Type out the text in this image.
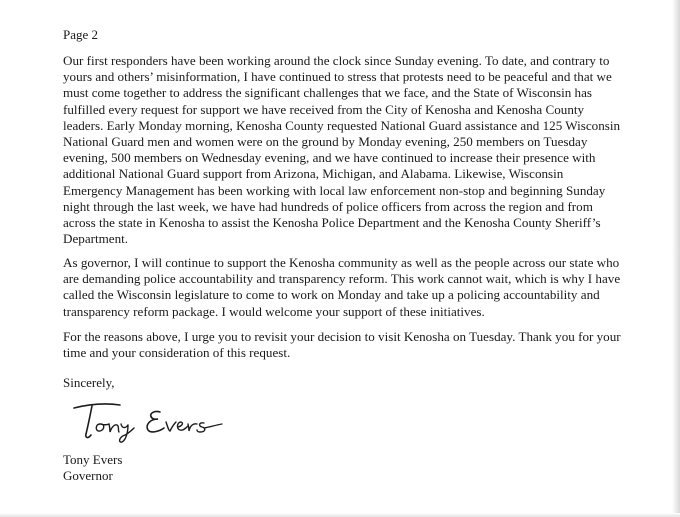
Page 2

Our first responders have been working around the clock since Sunday evening. To date, and contrary to yours and others’ misinformation, I have continued to stress that protests need to be peaceful and that we must come together to address the significant challenges that we face, and the State of Wisconsin has fulfilled every request for support we have received from the City of Kenosha and Kenosha County leaders. Early Monday morning, Kenosha County requested National Guard assistance and 125 Wisconsin National Guard men and women were on the ground by Monday evening, 250 members on Tuesday evening, 500 members on Wednesday evening, and we have continued to increase their presence with additional National Guard support from Arizona, Michigan, and Alabama. Likewise, Wisconsin Emergency Management has been working with local law enforcement non-stop and beginning Sunday night through the last week, we have had hundreds of police officers from across the region and from across the state in Kenosha to assist the Kenosha Police Department and the Kenosha County Sheriff’s Department.

As governor, I will continue to support the Kenosha community as well as the people across our state who are demanding police accountability and transparency reform. This work cannot wait, which is why I have called the Wisconsin legislature to come to work on Monday and take up a policing accountability and transparency reform package. I would welcome your support of these initiatives.

For the reasons above, I urge you to revisit your decision to visit Kenosha on Tuesday. Thank you for your time and your consideration of this request.

Sincerely,

Tony Evers

Governor
